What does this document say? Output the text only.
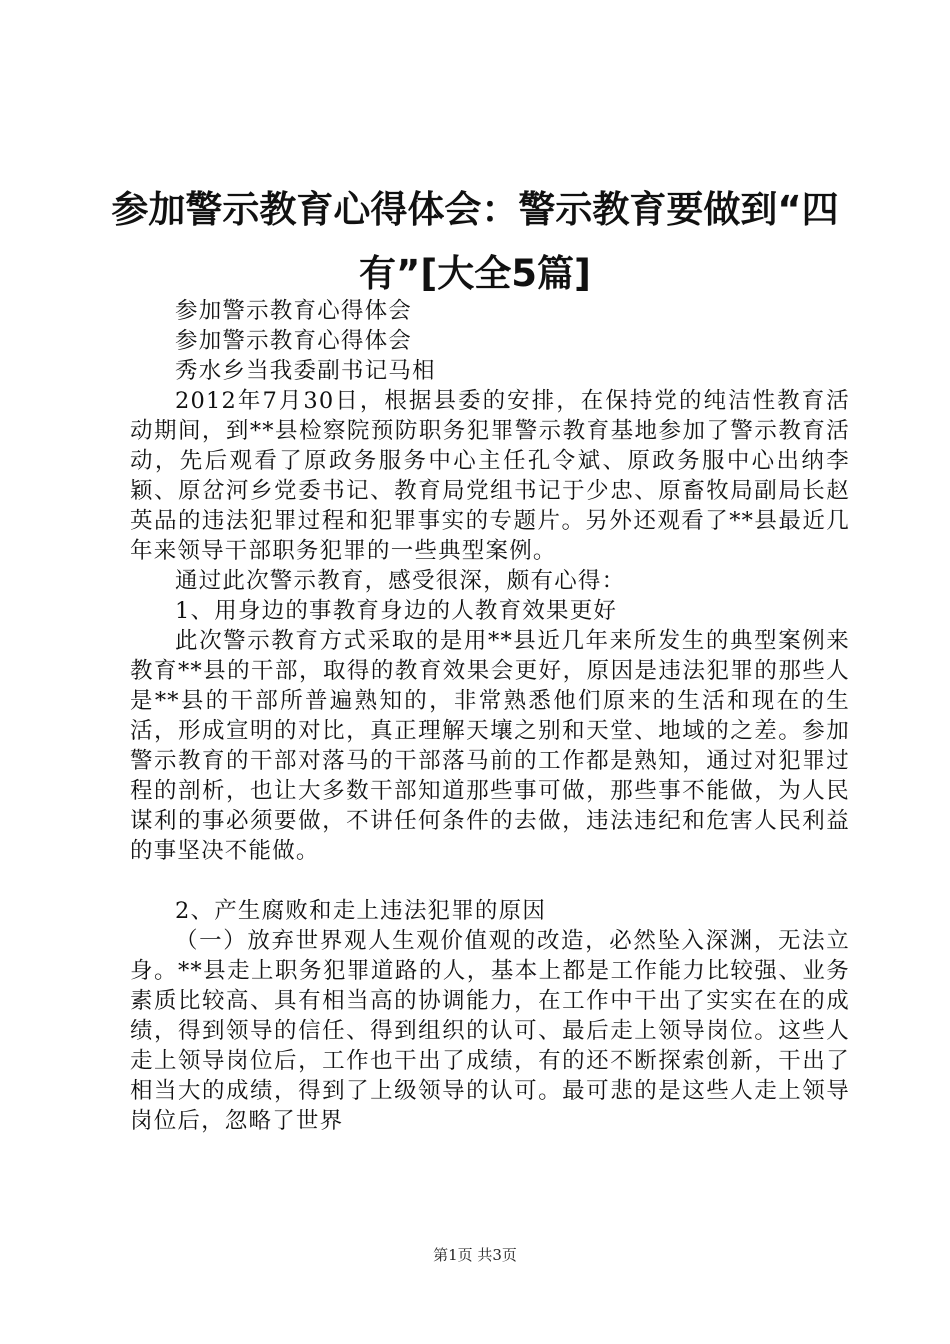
参加警示教育心得体会：警示教育要做到“四有”[大全5篇]

参加警示教育心得体会

参加警示教育心得体会

秀水乡当我委副书记马相

2012年7月30日，根据县委的安排，在保持党的纯洁性教育活动期间，到**县检察院预防职务犯罪警示教育基地参加了警示教育活动，先后观看了原政务服务中心主任孔令斌、原政务服中心出纳李颖、原岔河乡党委书记、教育局党组书记于少忠、原畜牧局副局长赵英品的违法犯罪过程和犯罪事实的专题片。另外还观看了**县最近几年来领导干部职务犯罪的一些典型案例。

通过此次警示教育，感受很深，颇有心得：

1、用身边的事教育身边的人教育效果更好

此次警示教育方式采取的是用**县近几年来所发生的典型案例来教育**县的干部，取得的教育效果会更好，原因是违法犯罪的那些人是**县的干部所普遍熟知的，非常熟悉他们原来的生活和现在的生活，形成宣明的对比，真正理解天壤之别和天堂、地域的之差。参加警示教育的干部对落马的干部落马前的工作都是熟知，通过对犯罪过程的剖析，也让大多数干部知道那些事可做，那些事不能做，为人民谋利的事必须要做，不讲任何条件的去做，违法违纪和危害人民利益的事坚决不能做。

2、产生腐败和走上违法犯罪的原因

（一）放弃世界观人生观价值观的改造，必然坠入深渊，无法立身。**县走上职务犯罪道路的人，基本上都是工作能力比较强、业务素质比较高、具有相当高的协调能力，在工作中干出了实实在在的成绩，得到领导的信任、得到组织的认可、最后走上领导岗位。这些人走上领导岗位后，工作也干出了成绩，有的还不断探索创新，干出了相当大的成绩，得到了上级领导的认可。最可悲的是这些人走上领导岗位后，忽略了世界

第1页 共3页
